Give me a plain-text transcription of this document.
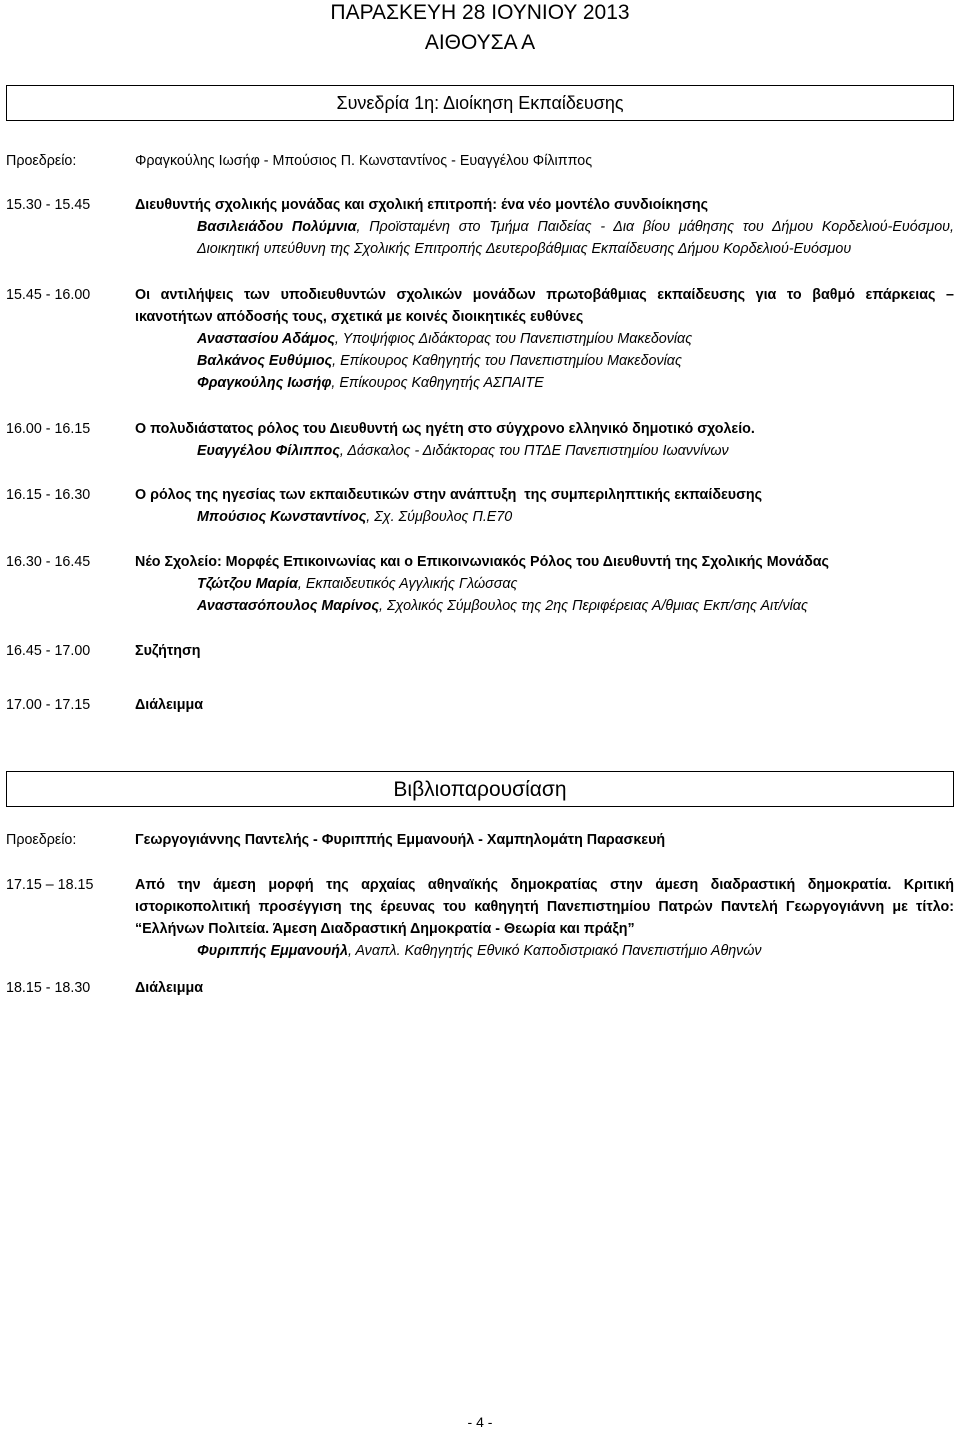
ΠΑΡΑΣΚΕΥΗ 28 ΙΟΥΝΙΟΥ 2013
ΑΙΘΟΥΣΑ Α
Συνεδρία 1η: Διοίκηση Εκπαίδευσης
Προεδρείο:	Φραγκούλης Ιωσήφ - Μπούσιος Π. Κωνσταντίνος - Ευαγγέλου Φίλιππος
15.30 - 15.45	Διευθυντής σχολικής μονάδας και σχολική επιτροπή: ένα νέο μοντέλο συνδιοίκησης
Βασιλειάδου Πολύμνια, Προϊσταμένη στο Τμήμα Παιδείας - Δια βίου μάθησης του Δήμου Κορδελιού-Ευόσμου, Διοικητική υπεύθυνη της Σχολικής Επιτροπής Δευτεροβάθμιας Εκπαίδευσης Δήμου Κορδελιού-Ευόσμου
15.45 - 16.00	Οι αντιλήψεις των υποδιευθυντών σχολικών μονάδων πρωτοβάθμιας εκπαίδευσης για το βαθμό επάρκειας – ικανοτήτων απόδοσής τους, σχετικά με κοινές διοικητικές ευθύνες
Αναστασίου Αδάμος, Υποψήφιος Διδάκτορας του Πανεπιστημίου Μακεδονίας
Βαλκάνος Ευθύμιος, Επίκουρος Καθηγητής του Πανεπιστημίου Μακεδονίας
Φραγκούλης Ιωσήφ, Επίκουρος Καθηγητής ΑΣΠΑΙΤΕ
16.00 - 16.15	Ο πολυδιάστατος ρόλος του Διευθυντή ως ηγέτη στο σύγχρονο ελληνικό δημοτικό σχολείο.
Ευαγγέλου Φίλιππος, Δάσκαλος - Διδάκτορας του ΠΤΔΕ Πανεπιστημίου Ιωαννίνων
16.15 - 16.30	Ο ρόλος της ηγεσίας των εκπαιδευτικών στην ανάπτυξη  της συμπεριληπτικής εκπαίδευσης
Μπούσιος Κωνσταντίνος, Σχ. Σύμβουλος Π.Ε70
16.30 - 16.45	Νέο Σχολείο: Μορφές Επικοινωνίας και ο Επικοινωνιακός Ρόλος του Διευθυντή της Σχολικής Μονάδας
Τζώτζου Μαρία, Εκπαιδευτικός Αγγλικής Γλώσσας
Αναστασόπουλος Μαρίνος, Σχολικός Σύμβουλος της 2ης Περιφέρειας Α/θμιας Εκπ/σης Αιτ/νίας
16.45 - 17.00	Συζήτηση
17.00 - 17.15	Διάλειμμα
Βιβλιοπαρουσίαση
Προεδρείο:	Γεωργογιάννης Παντελής - Φυριππής Εμμανουήλ - Χαμπηλομάτη Παρασκευή
17.15 – 18.15	Από την άμεση μορφή της αρχαίας αθηναϊκής δημοκρατίας στην άμεση διαδραστική δημοκρατία. Κριτική ιστορικοπολιτική προσέγγιση της έρευνας του καθηγητή Πανεπιστημίου Πατρών Παντελή Γεωργογιάννη με τίτλο: “Ελλήνων Πολιτεία. Άμεση Διαδραστική Δημοκρατία - Θεωρία και πράξη”
Φυριππής Εμμανουήλ, Αναπλ. Καθηγητής Εθνικό Καποδιστριακό Πανεπιστήμιο Αθηνών
18.15 - 18.30	Διάλειμμα
- 4 -
